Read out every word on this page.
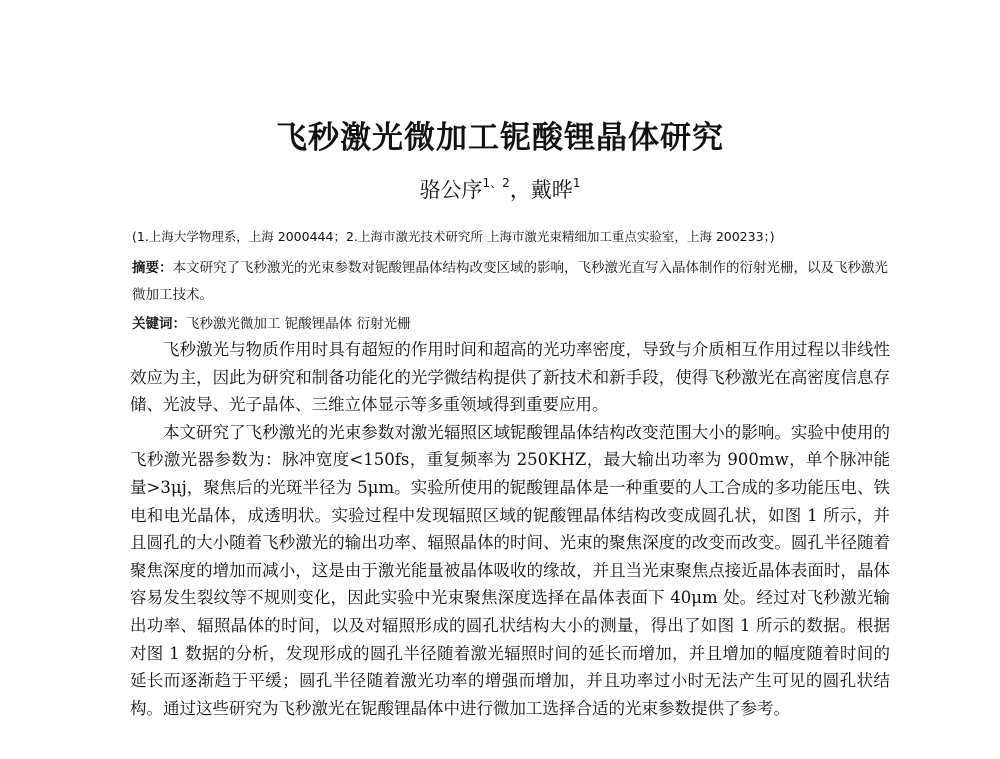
飞秒激光微加工铌酸锂晶体研究
骆公序$^{1、2}$，戴晔$^1$
(1.上海大学物理系，上海 2000444；2.上海市激光技术研究所 上海市激光束精细加工重点实验室，上海 200233；)
摘要：本文研究了飞秒激光的光束参数对铌酸锂晶体结构改变区域的影响，飞秒激光直写入晶体制作的衍射光栅，以及飞秒激光微加工技术。
关键词：飞秒激光微加工 铌酸锂晶体 衍射光栅

飞秒激光与物质作用时具有超短的作用时间和超高的光功率密度，导致与介质相互作用过程以非线性效应为主，因此为研究和制备功能化的光学微结构提供了新技术和新手段，使得飞秒激光在高密度信息存储、光波导、光子晶体、三维立体显示等多重领域得到重要应用。

本文研究了飞秒激光的光束参数对激光辐照区域铌酸锂晶体结构改变范围大小的影响。实验中使用的飞秒激光器参数为：脉冲宽度<150fs，重复频率为 250KHZ，最大输出功率为 900mw，单个脉冲能量>3μj，聚焦后的光斑半径为 5μm。实验所使用的铌酸锂晶体是一种重要的人工合成的多功能压电、铁电和电光晶体，成透明状。实验过程中发现辐照区域的铌酸锂晶体结构改变成圆孔状，如图 1 所示，并且圆孔的大小随着飞秒激光的输出功率、辐照晶体的时间、光束的聚焦深度的改变而改变。圆孔半径随着聚焦深度的增加而减小，这是由于激光能量被晶体吸收的缘故，并且当光束聚焦点接近晶体表面时，晶体容易发生裂纹等不规则变化，因此实验中光束聚焦深度选择在晶体表面下 40μm 处。经过对飞秒激光输出功率、辐照晶体的时间，以及对辐照形成的圆孔状结构大小的测量，得出了如图 1 所示的数据。根据对图 1 数据的分析，发现形成的圆孔半径随着激光辐照时间的延长而增加，并且增加的幅度随着时间的延长而逐渐趋于平缓；圆孔半径随着激光功率的增强而增加，并且功率过小时无法产生可见的圆孔状结构。通过这些研究为飞秒激光在铌酸锂晶体中进行微加工选择合适的光束参数提供了参考。
